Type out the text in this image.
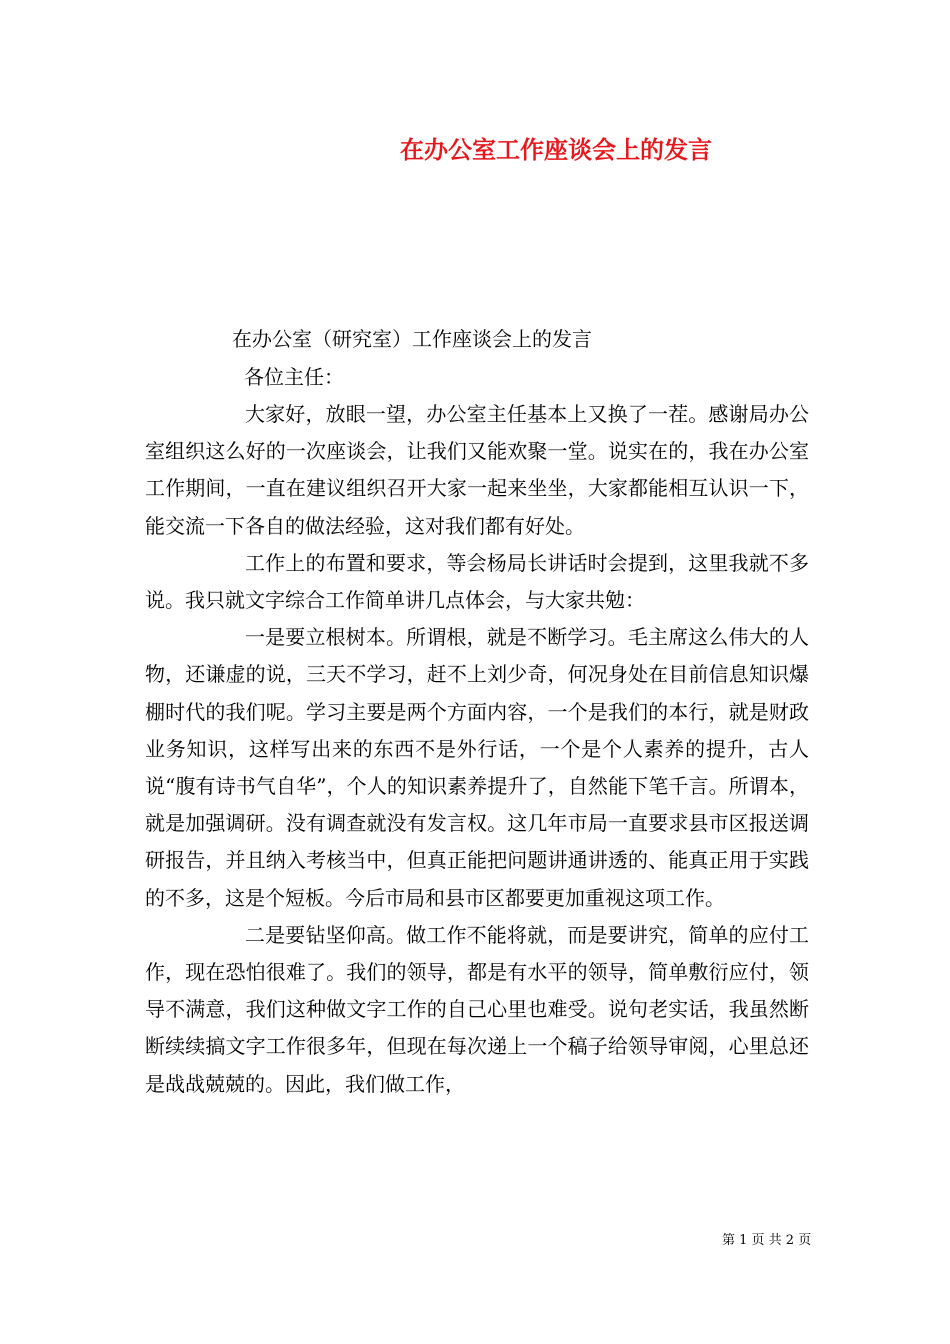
在办公室工作座谈会上的发言
在办公室（研究室）工作座谈会上的发言
各位主任：

大家好，放眼一望，办公室主任基本上又换了一茬。感谢局办公室组织这么好的一次座谈会，让我们又能欢聚一堂。说实在的，我在办公室工作期间，一直在建议组织召开大家一起来坐坐，大家都能相互认识一下，能交流一下各自的做法经验，这对我们都有好处。

工作上的布置和要求，等会杨局长讲话时会提到，这里我就不多说。我只就文字综合工作简单讲几点体会，与大家共勉：

一是要立根树本。所谓根，就是不断学习。毛主席这么伟大的人物，还谦虚的说，三天不学习，赶不上刘少奇，何况身处在目前信息知识爆棚时代的我们呢。学习主要是两个方面内容，一个是我们的本行，就是财政业务知识，这样写出来的东西不是外行话，一个是个人素养的提升，古人说“腹有诗书气自华”，个人的知识素养提升了，自然能下笔千言。所谓本，就是加强调研。没有调查就没有发言权。这几年市局一直要求县市区报送调研报告，并且纳入考核当中，但真正能把问题讲通讲透的、能真正用于实践的不多，这是个短板。今后市局和县市区都要更加重视这项工作。

二是要钻坚仰高。做工作不能将就，而是要讲究，简单的应付工作，现在恐怕很难了。我们的领导，都是有水平的领导，简单敷衍应付，领导不满意，我们这种做文字工作的自己心里也难受。说句老实话，我虽然断断续续搞文字工作很多年，但现在每次递上一个稿子给领导审阅，心里总还是战战兢兢的。因此，我们做工作，

第 1 页 共 2 页
